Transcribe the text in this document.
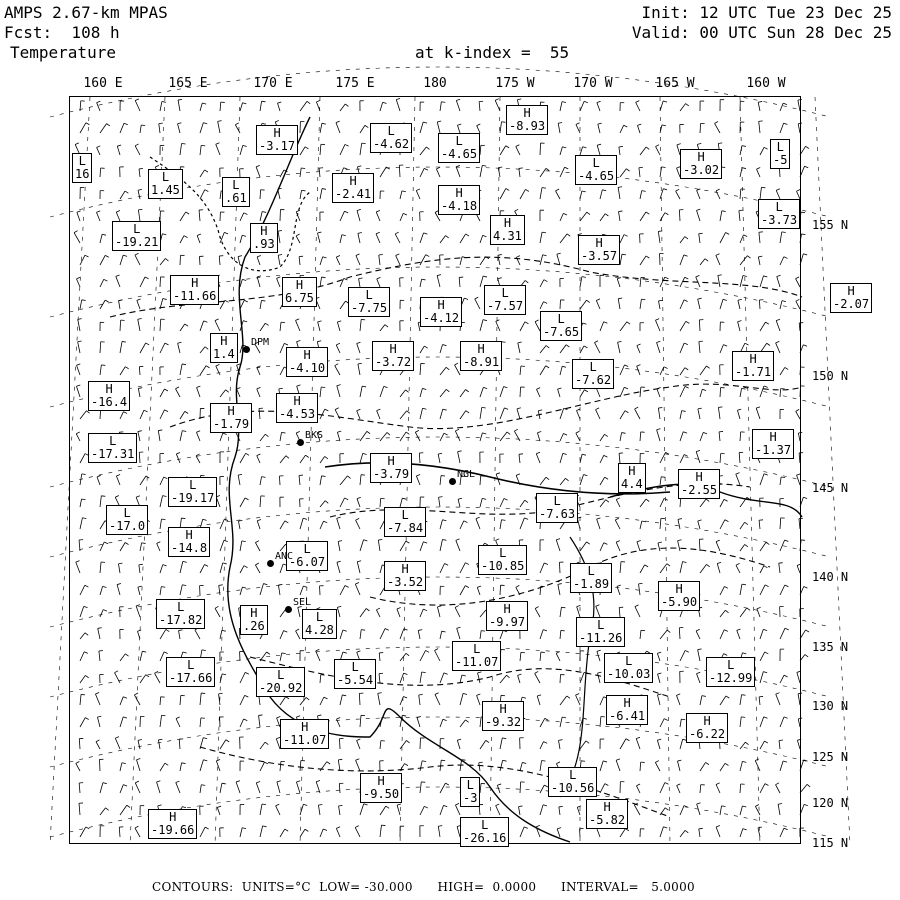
AMPS 2.67-km MPAS
Fcst:  108 h
Temperature	at k-index =  55
Init: 12 UTC Tue 23 Dec 25
Valid: 00 UTC Sun 28 Dec 25
160 E	165 E	170 E	175 E	180	175 W	170 W	165 W	160 W
155 N
150 N
145 N
140 N
135 N
130 N
125 N
120 N
115 N
H
-3.17
L
-4.62	L
-4.65
H
-8.93
L
16	L
1.45	L
.61
H
-2.41	H
-4.18
L
-4.65
H
-3.02
L
-5
L
-19.21
H
.93
H
4.31	H
-3.57
L
-3.73
H
-11.66
H
6.75	L
-7.75	H
-4.12
L
-7.57
L
-7.65
H
-2.07
H
1.4	H
-4.10
H
-3.72
H
-8.91	L
-7.62
H
-1.71
H
-16.4	H
-4.53
H
-1.79
L
-17.31
H
-1.37
H
-3.79	H
4.4	H
-2.55
L
-19.17
L
-17.0
L
-7.84
L
-7.63
H
-14.8	L
-6.07
L
-10.85
H
-3.52
L
-1.89	H
-5.90
L
-17.82	H
.26
L
4.28
H
-9.97	L
-11.26
L
-11.07
L
-17.66	L
-20.92
L
-5.54
L
-10.03
L
-12.99
H
-9.32
H
-6.41	H
-6.22
H
-11.07
L
-10.56
H
-9.50
L
-3
H
-5.82
H
-19.66	L
-26.16
DPM
BKS
NGL
ANC
SEL
CONTOURS:  UNITS=°C  LOW= -30.000      HIGH=  0.0000      INTERVAL=   5.0000
